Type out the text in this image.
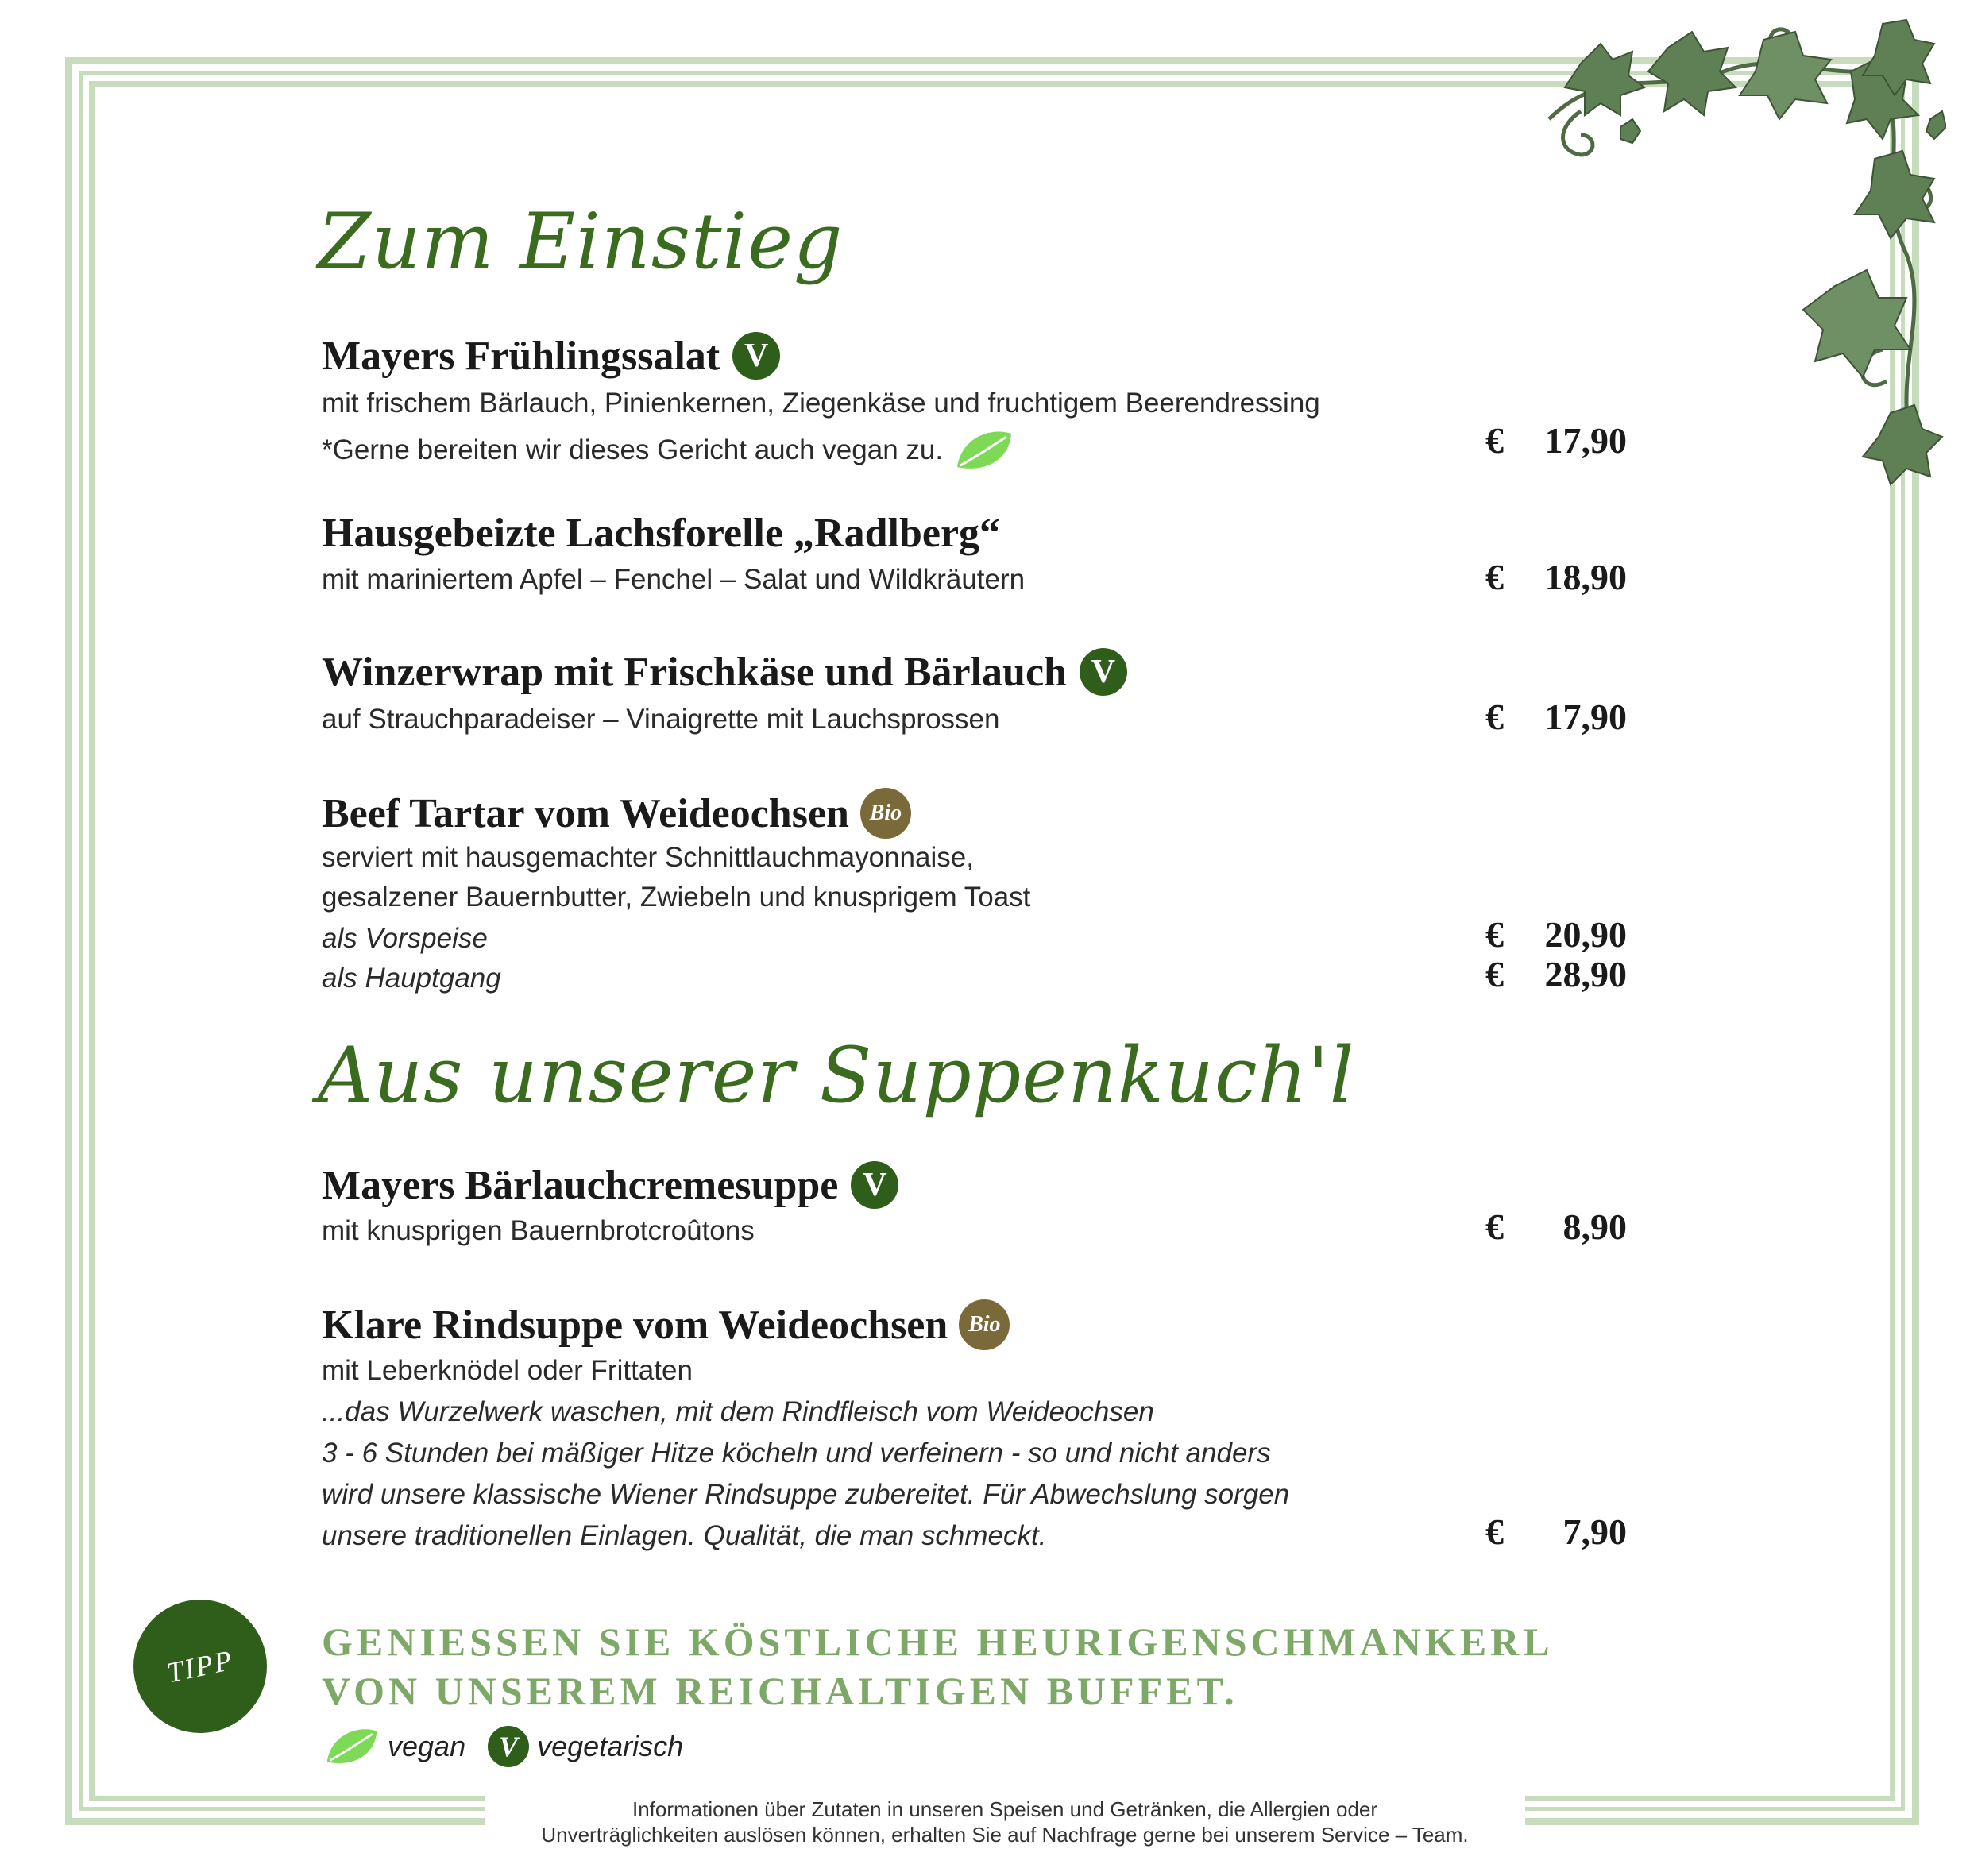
Zum Einstieg
Mayers Frühlingssalat V
mit frischem Bärlauch, Pinienkernen, Ziegenkäse und fruchtigem Beerendressing
*Gerne bereiten wir dieses Gericht auch vegan zu.	€ 17,90
Hausgebeizte Lachsforelle „Radlberg“
mit mariniertem Apfel – Fenchel – Salat und Wildkräutern	€ 18,90
Winzerwrap mit Frischkäse und Bärlauch V
auf Strauchparadeiser – Vinaigrette mit Lauchsprossen	€ 17,90
Beef Tartar vom Weideochsen Bio
serviert mit hausgemachter Schnittlauchmayonnaise,
gesalzener Bauernbutter, Zwiebeln und knusprigem Toast
als Vorspeise	€ 20,90
als Hauptgang	€ 28,90
Aus unserer Suppenkuch'l
Mayers Bärlauchcremesuppe V
mit knusprigen Bauernbrotcroûtons	€ 8,90
Klare Rindsuppe vom Weideochsen Bio
mit Leberknödel oder Frittaten
...das Wurzelwerk waschen, mit dem Rindfleisch vom Weideochsen
3 - 6 Stunden bei mäßiger Hitze köcheln und verfeinern - so und nicht anders
wird unsere klassische Wiener Rindsuppe zubereitet. Für Abwechslung sorgen
unsere traditionellen Einlagen. Qualität, die man schmeckt.	€ 7,90
TIPP
GENIESSEN SIE KÖSTLICHE HEURIGENSCHMANKERL
VON UNSEREM REICHALTIGEN BUFFET.
vegan	V vegetarisch
Informationen über Zutaten in unseren Speisen und Getränken, die Allergien oder
Unverträglichkeiten auslösen können, erhalten Sie auf Nachfrage gerne bei unserem Service – Team.
